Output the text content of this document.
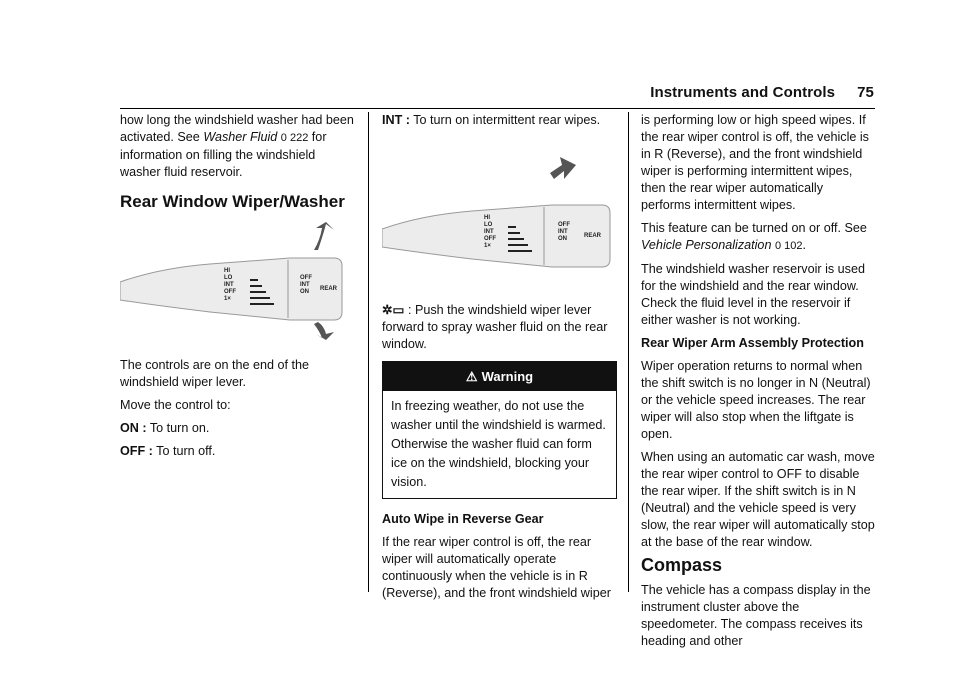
Instruments and Controls 75

how long the windshield washer had been activated. See Washer Fluid 0 222 for information on filling the windshield washer fluid reservoir.

Rear Window Wiper/Washer
HI
LO
INT
OFF
1×
OFF
INT
ON REAR

The controls are on the end of the windshield wiper lever.

Move the control to:

ON : To turn on.

OFF : To turn off.

INT : To turn on intermittent rear wipes.

HI
LO
INT
OFF
1×
OFF
INT
ON	REAR

✲▭ : Push the windshield wiper lever forward to spray washer fluid on the rear window.

⚠ Warning
In freezing weather, do not use the washer until the windshield is warmed. Otherwise the washer fluid can form ice on the windshield, blocking your vision.

Auto Wipe in Reverse Gear

If the rear wiper control is off, the rear wiper will automatically operate continuously when the vehicle is in R (Reverse), and the front windshield wiper

is performing low or high speed wipes. If the rear wiper control is off, the vehicle is in R (Reverse), and the front windshield wiper is performing intermittent wipes, then the rear wiper automatically performs intermittent wipes.

This feature can be turned on or off. See Vehicle Personalization 0 102.

The windshield washer reservoir is used for the windshield and the rear window. Check the fluid level in the reservoir if either washer is not working.

Rear Wiper Arm Assembly Protection

Wiper operation returns to normal when the shift switch is no longer in N (Neutral) or the vehicle speed increases. The rear wiper will also stop when the liftgate is open.

When using an automatic car wash, move the rear wiper control to OFF to disable the rear wiper. If the shift switch is in N (Neutral) and the vehicle speed is very slow, the rear wiper will automatically stop at the base of the rear window.

Compass

The vehicle has a compass display in the instrument cluster above the speedometer. The compass receives its heading and other
